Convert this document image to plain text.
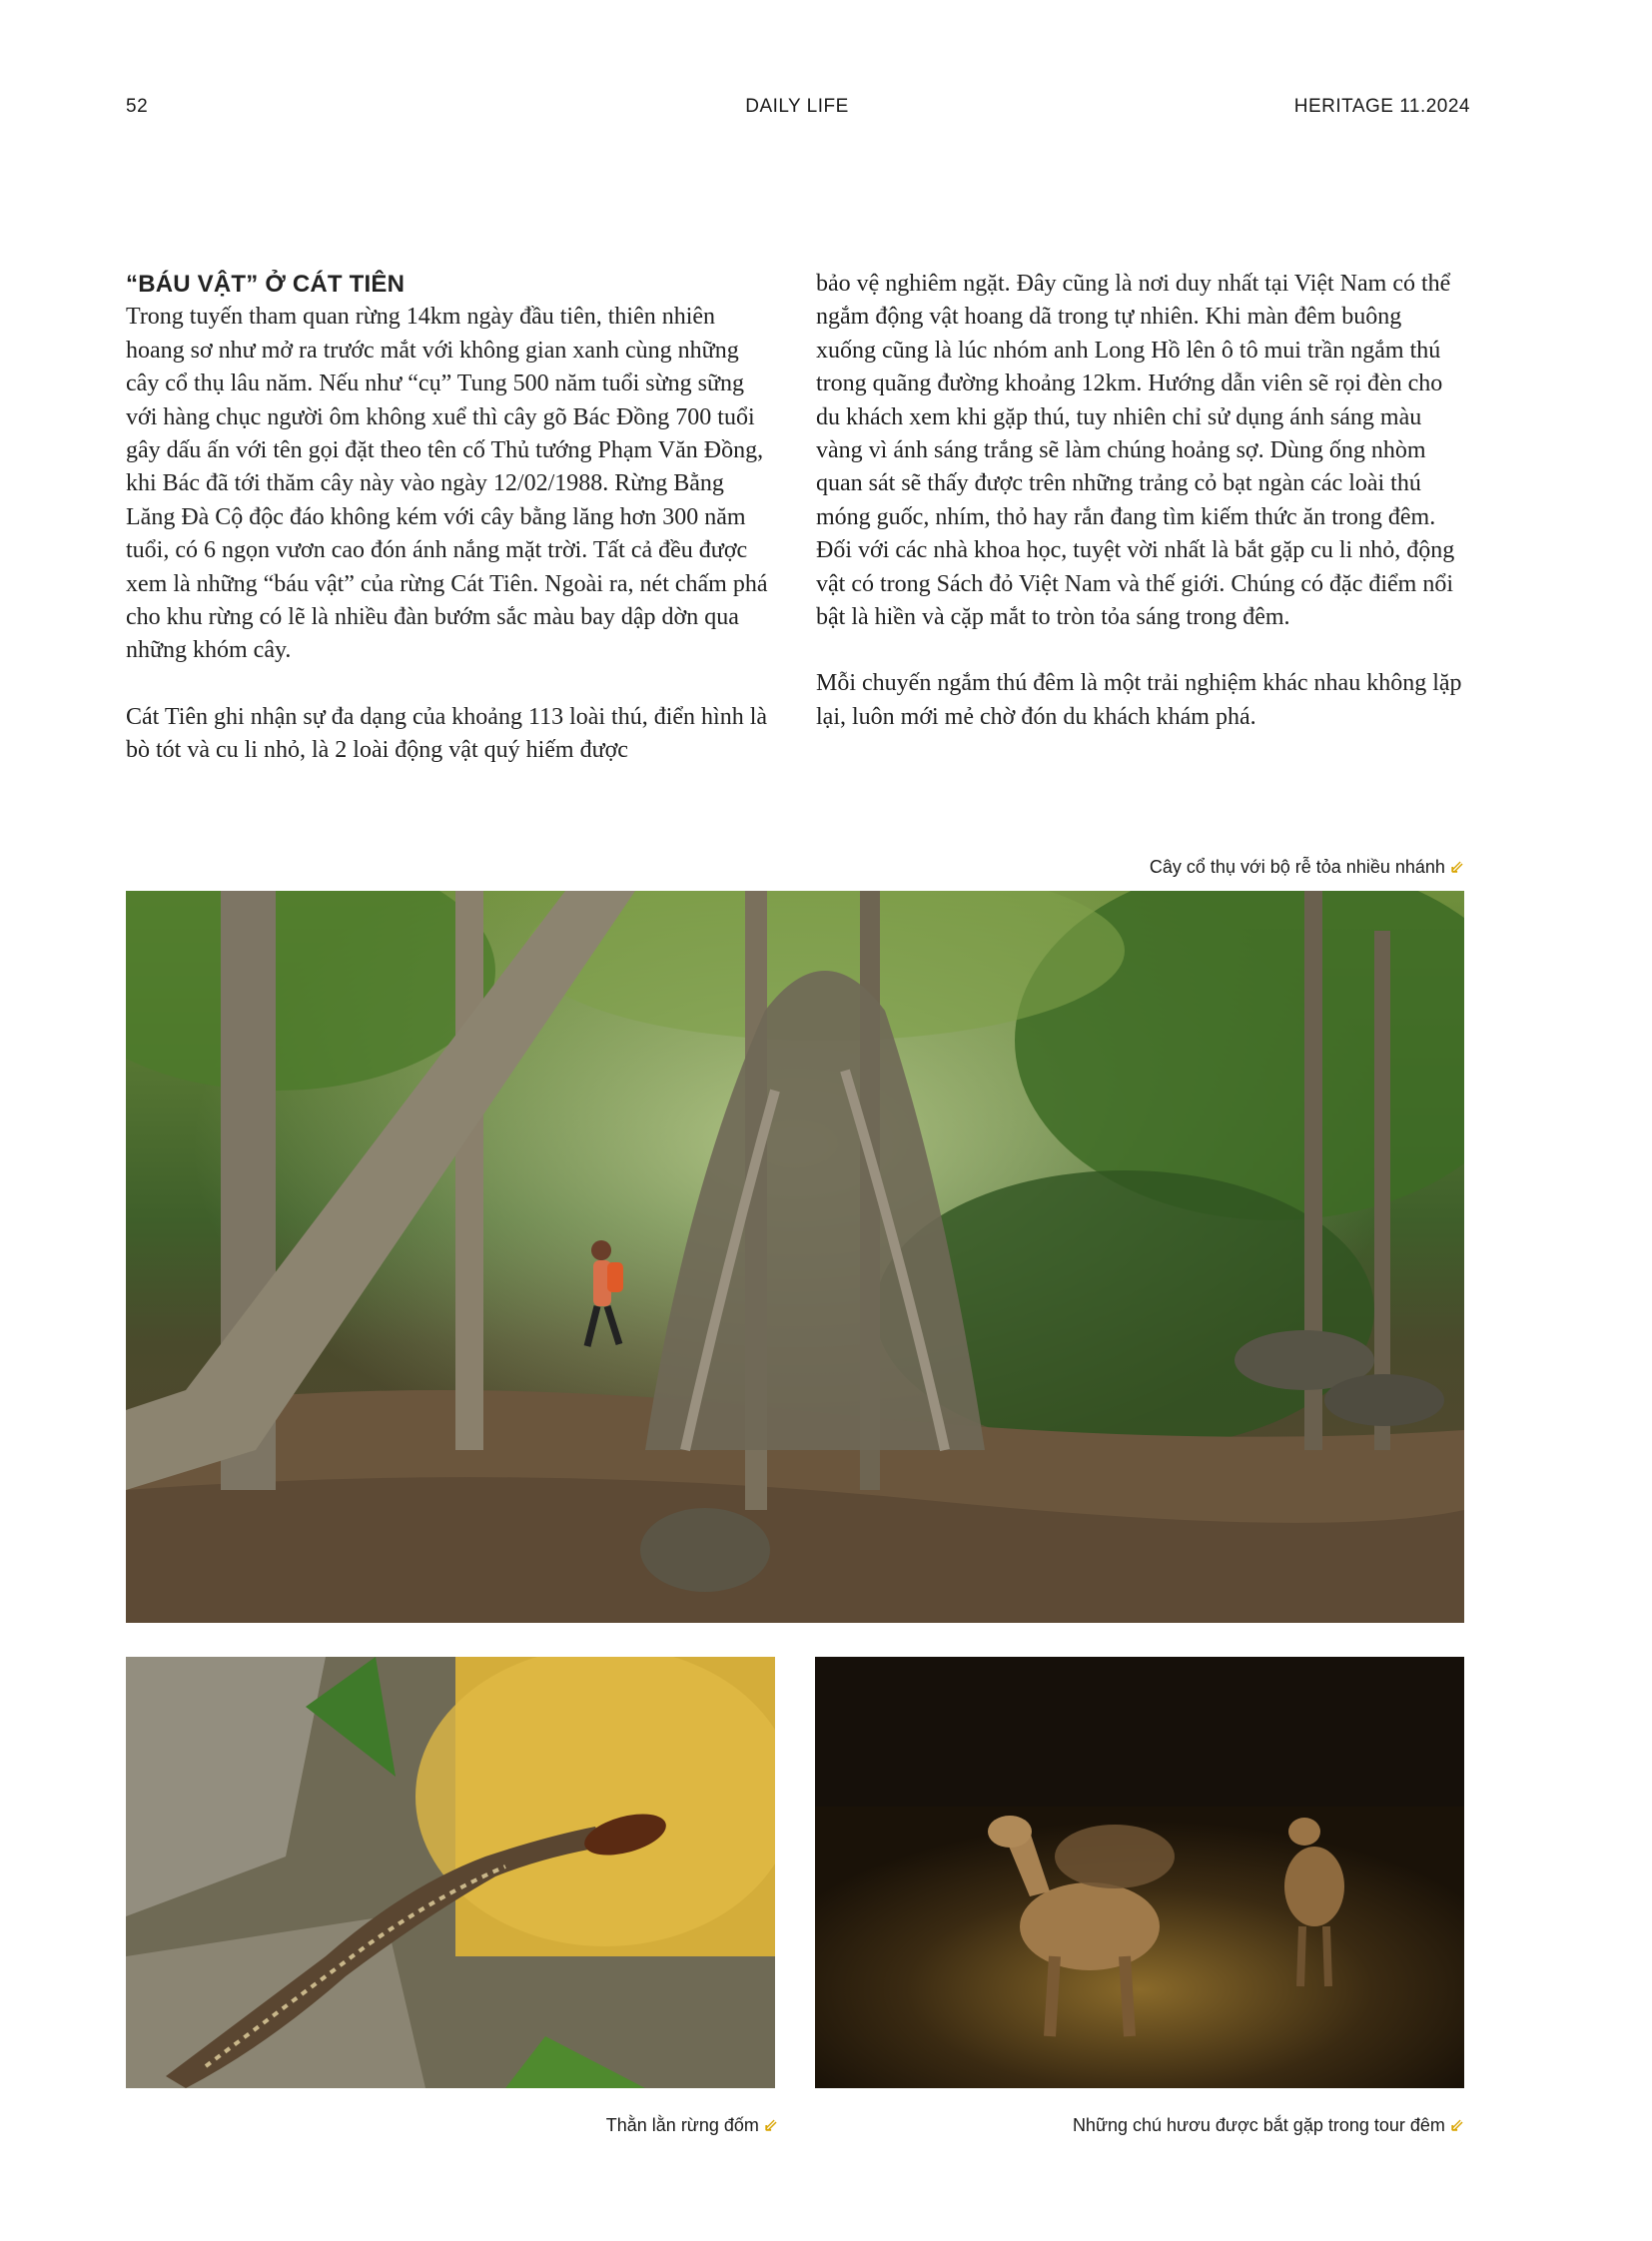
52	DAILY LIFE	HERITAGE 11.2024
“BÁU VẬT” Ở CÁT TIÊN

Trong tuyến tham quan rừng 14km ngày đầu tiên, thiên nhiên hoang sơ như mở ra trước mắt với không gian xanh cùng những cây cổ thụ lâu năm. Nếu như “cụ” Tung 500 năm tuổi sừng sững với hàng chục người ôm không xuể thì cây gõ Bác Đồng 700 tuổi gây dấu ấn với tên gọi đặt theo tên cố Thủ tướng Phạm Văn Đồng, khi Bác đã tới thăm cây này vào ngày 12/02/1988. Rừng Bằng Lăng Đà Cộ độc đáo không kém với cây bằng lăng hơn 300 năm tuổi, có 6 ngọn vươn cao đón ánh nắng mặt trời. Tất cả đều được xem là những “báu vật” của rừng Cát Tiên. Ngoài ra, nét chấm phá cho khu rừng có lẽ là nhiều đàn bướm sắc màu bay dập dờn qua những khóm cây.

Cát Tiên ghi nhận sự đa dạng của khoảng 113 loài thú, điển hình là bò tót và cu li nhỏ, là 2 loài động vật quý hiếm được

bảo vệ nghiêm ngặt. Đây cũng là nơi duy nhất tại Việt Nam có thể ngắm động vật hoang dã trong tự nhiên. Khi màn đêm buông xuống cũng là lúc nhóm anh Long Hồ lên ô tô mui trần ngắm thú trong quãng đường khoảng 12km. Hướng dẫn viên sẽ rọi đèn cho du khách xem khi gặp thú, tuy nhiên chỉ sử dụng ánh sáng màu vàng vì ánh sáng trắng sẽ làm chúng hoảng sợ. Dùng ống nhòm quan sát sẽ thấy được trên những trảng cỏ bạt ngàn các loài thú móng guốc, nhím, thỏ hay rắn đang tìm kiếm thức ăn trong đêm. Đối với các nhà khoa học, tuyệt vời nhất là bắt gặp cu li nhỏ, động vật có trong Sách đỏ Việt Nam và thế giới. Chúng có đặc điểm nổi bật là hiền và cặp mắt to tròn tỏa sáng trong đêm.

Mỗi chuyến ngắm thú đêm là một trải nghiệm khác nhau không lặp lại, luôn mới mẻ chờ đón du khách khám phá.

Cây cổ thụ với bộ rễ tỏa nhiều nhánh ⇙
Thằn lằn rừng đốm ⇙	Những chú hươu được bắt gặp trong tour đêm ⇙
